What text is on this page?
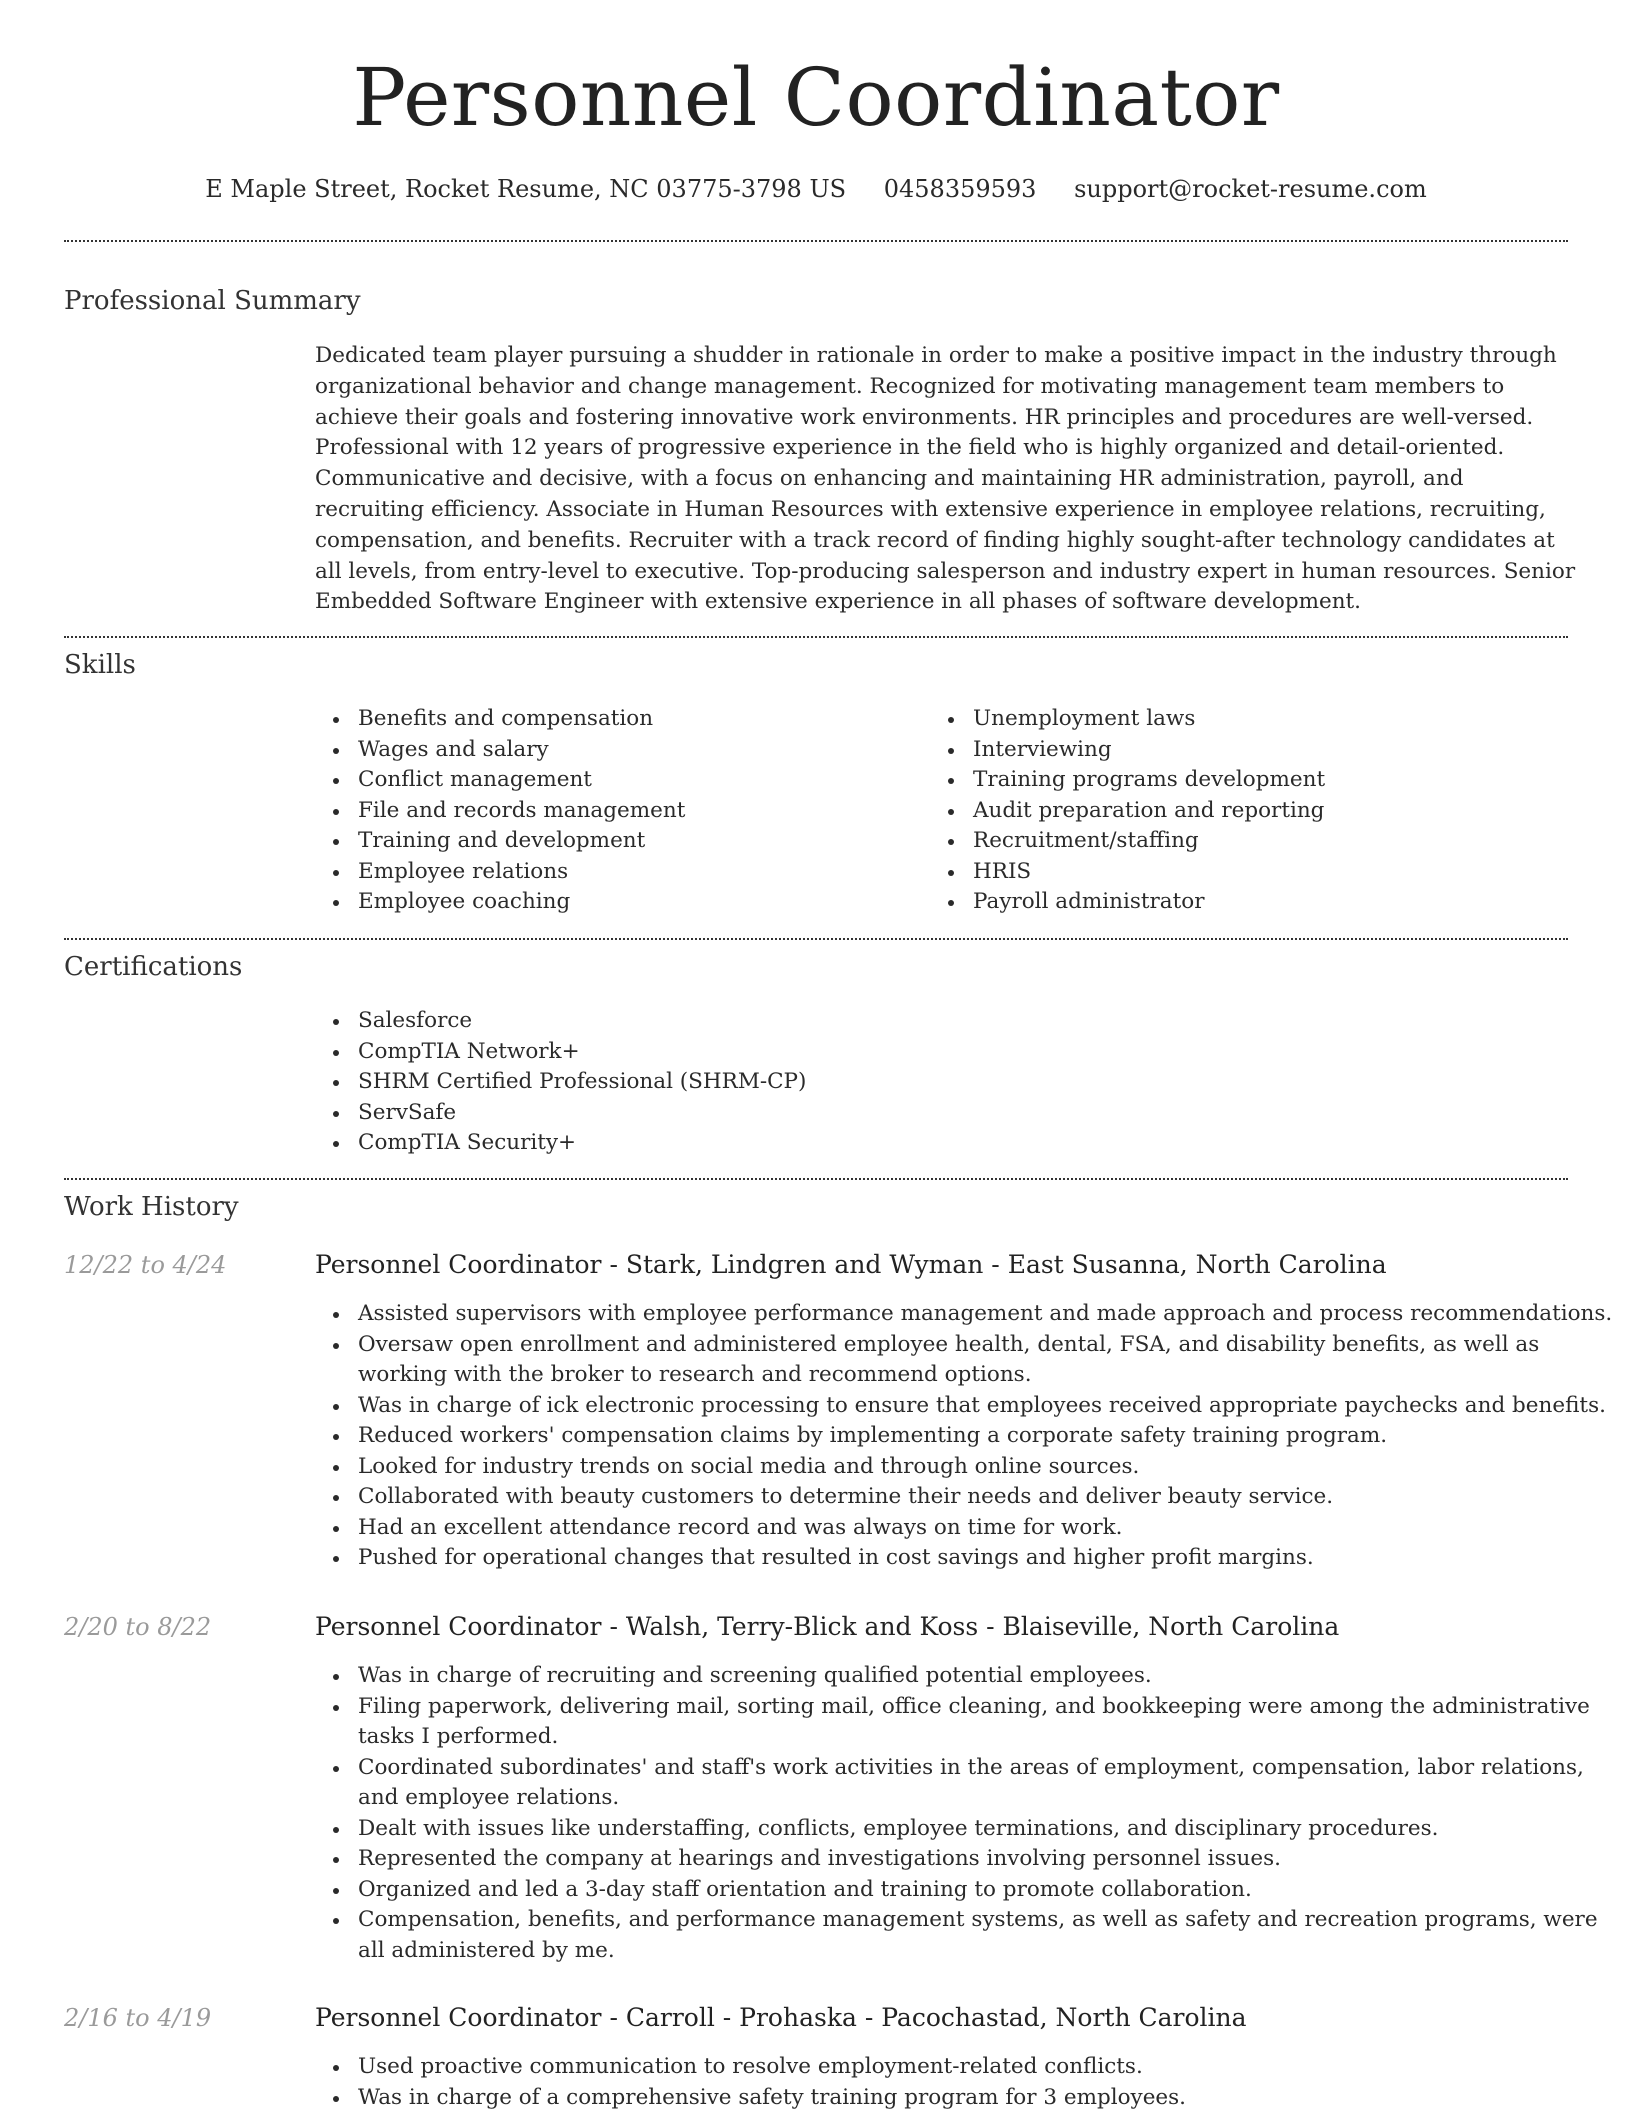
Personnel Coordinator
E Maple Street, Rocket Resume, NC 03775-3798 US 0458359593 support@rocket-resume.com
Professional Summary

Dedicated team player pursuing a shudder in rationale in order to make a positive impact in the industry through organizational behavior and change management. Recognized for motivating management team members to achieve their goals and fostering innovative work environments. HR principles and procedures are well-versed. Professional with 12 years of progressive experience in the field who is highly organized and detail-oriented. Communicative and decisive, with a focus on enhancing and maintaining HR administration, payroll, and recruiting efficiency. Associate in Human Resources with extensive experience in employee relations, recruiting, compensation, and benefits. Recruiter with a track record of finding highly sought-after technology candidates at all levels, from entry-level to executive. Top-producing salesperson and industry expert in human resources. Senior Embedded Software Engineer with extensive experience in all phases of software development.

Skills
Benefits and compensation
Wages and salary
Conflict management
File and records management
Training and development
Employee relations
Employee coaching
Unemployment laws
Interviewing
Training programs development
Audit preparation and reporting
Recruitment/staffing
HRIS
Payroll administrator
Certifications
Salesforce
CompTIA Network+
SHRM Certified Professional (SHRM-CP)
ServSafe
CompTIA Security+
Work History
12/22 to 4/24	Personnel Coordinator - Stark, Lindgren and Wyman - East Susanna, North Carolina
Assisted supervisors with employee performance management and made approach and process recommendations.
Oversaw open enrollment and administered employee health, dental, FSA, and disability benefits, as well as working with the broker to research and recommend options.
Was in charge of ick electronic processing to ensure that employees received appropriate paychecks and benefits.
Reduced workers' compensation claims by implementing a corporate safety training program.
Looked for industry trends on social media and through online sources.
Collaborated with beauty customers to determine their needs and deliver beauty service.
Had an excellent attendance record and was always on time for work.
Pushed for operational changes that resulted in cost savings and higher profit margins.
2/20 to 8/22	Personnel Coordinator - Walsh, Terry-Blick and Koss - Blaiseville, North Carolina
Was in charge of recruiting and screening qualified potential employees.
Filing paperwork, delivering mail, sorting mail, office cleaning, and bookkeeping were among the administrative tasks I performed.
Coordinated subordinates' and staff's work activities in the areas of employment, compensation, labor relations, and employee relations.
Dealt with issues like understaffing, conflicts, employee terminations, and disciplinary procedures.
Represented the company at hearings and investigations involving personnel issues.
Organized and led a 3-day staff orientation and training to promote collaboration.
Compensation, benefits, and performance management systems, as well as safety and recreation programs, were all administered by me.
2/16 to 4/19	Personnel Coordinator - Carroll - Prohaska - Pacochastad, North Carolina
Used proactive communication to resolve employment-related conflicts.
Was in charge of a comprehensive safety training program for 3 employees.
